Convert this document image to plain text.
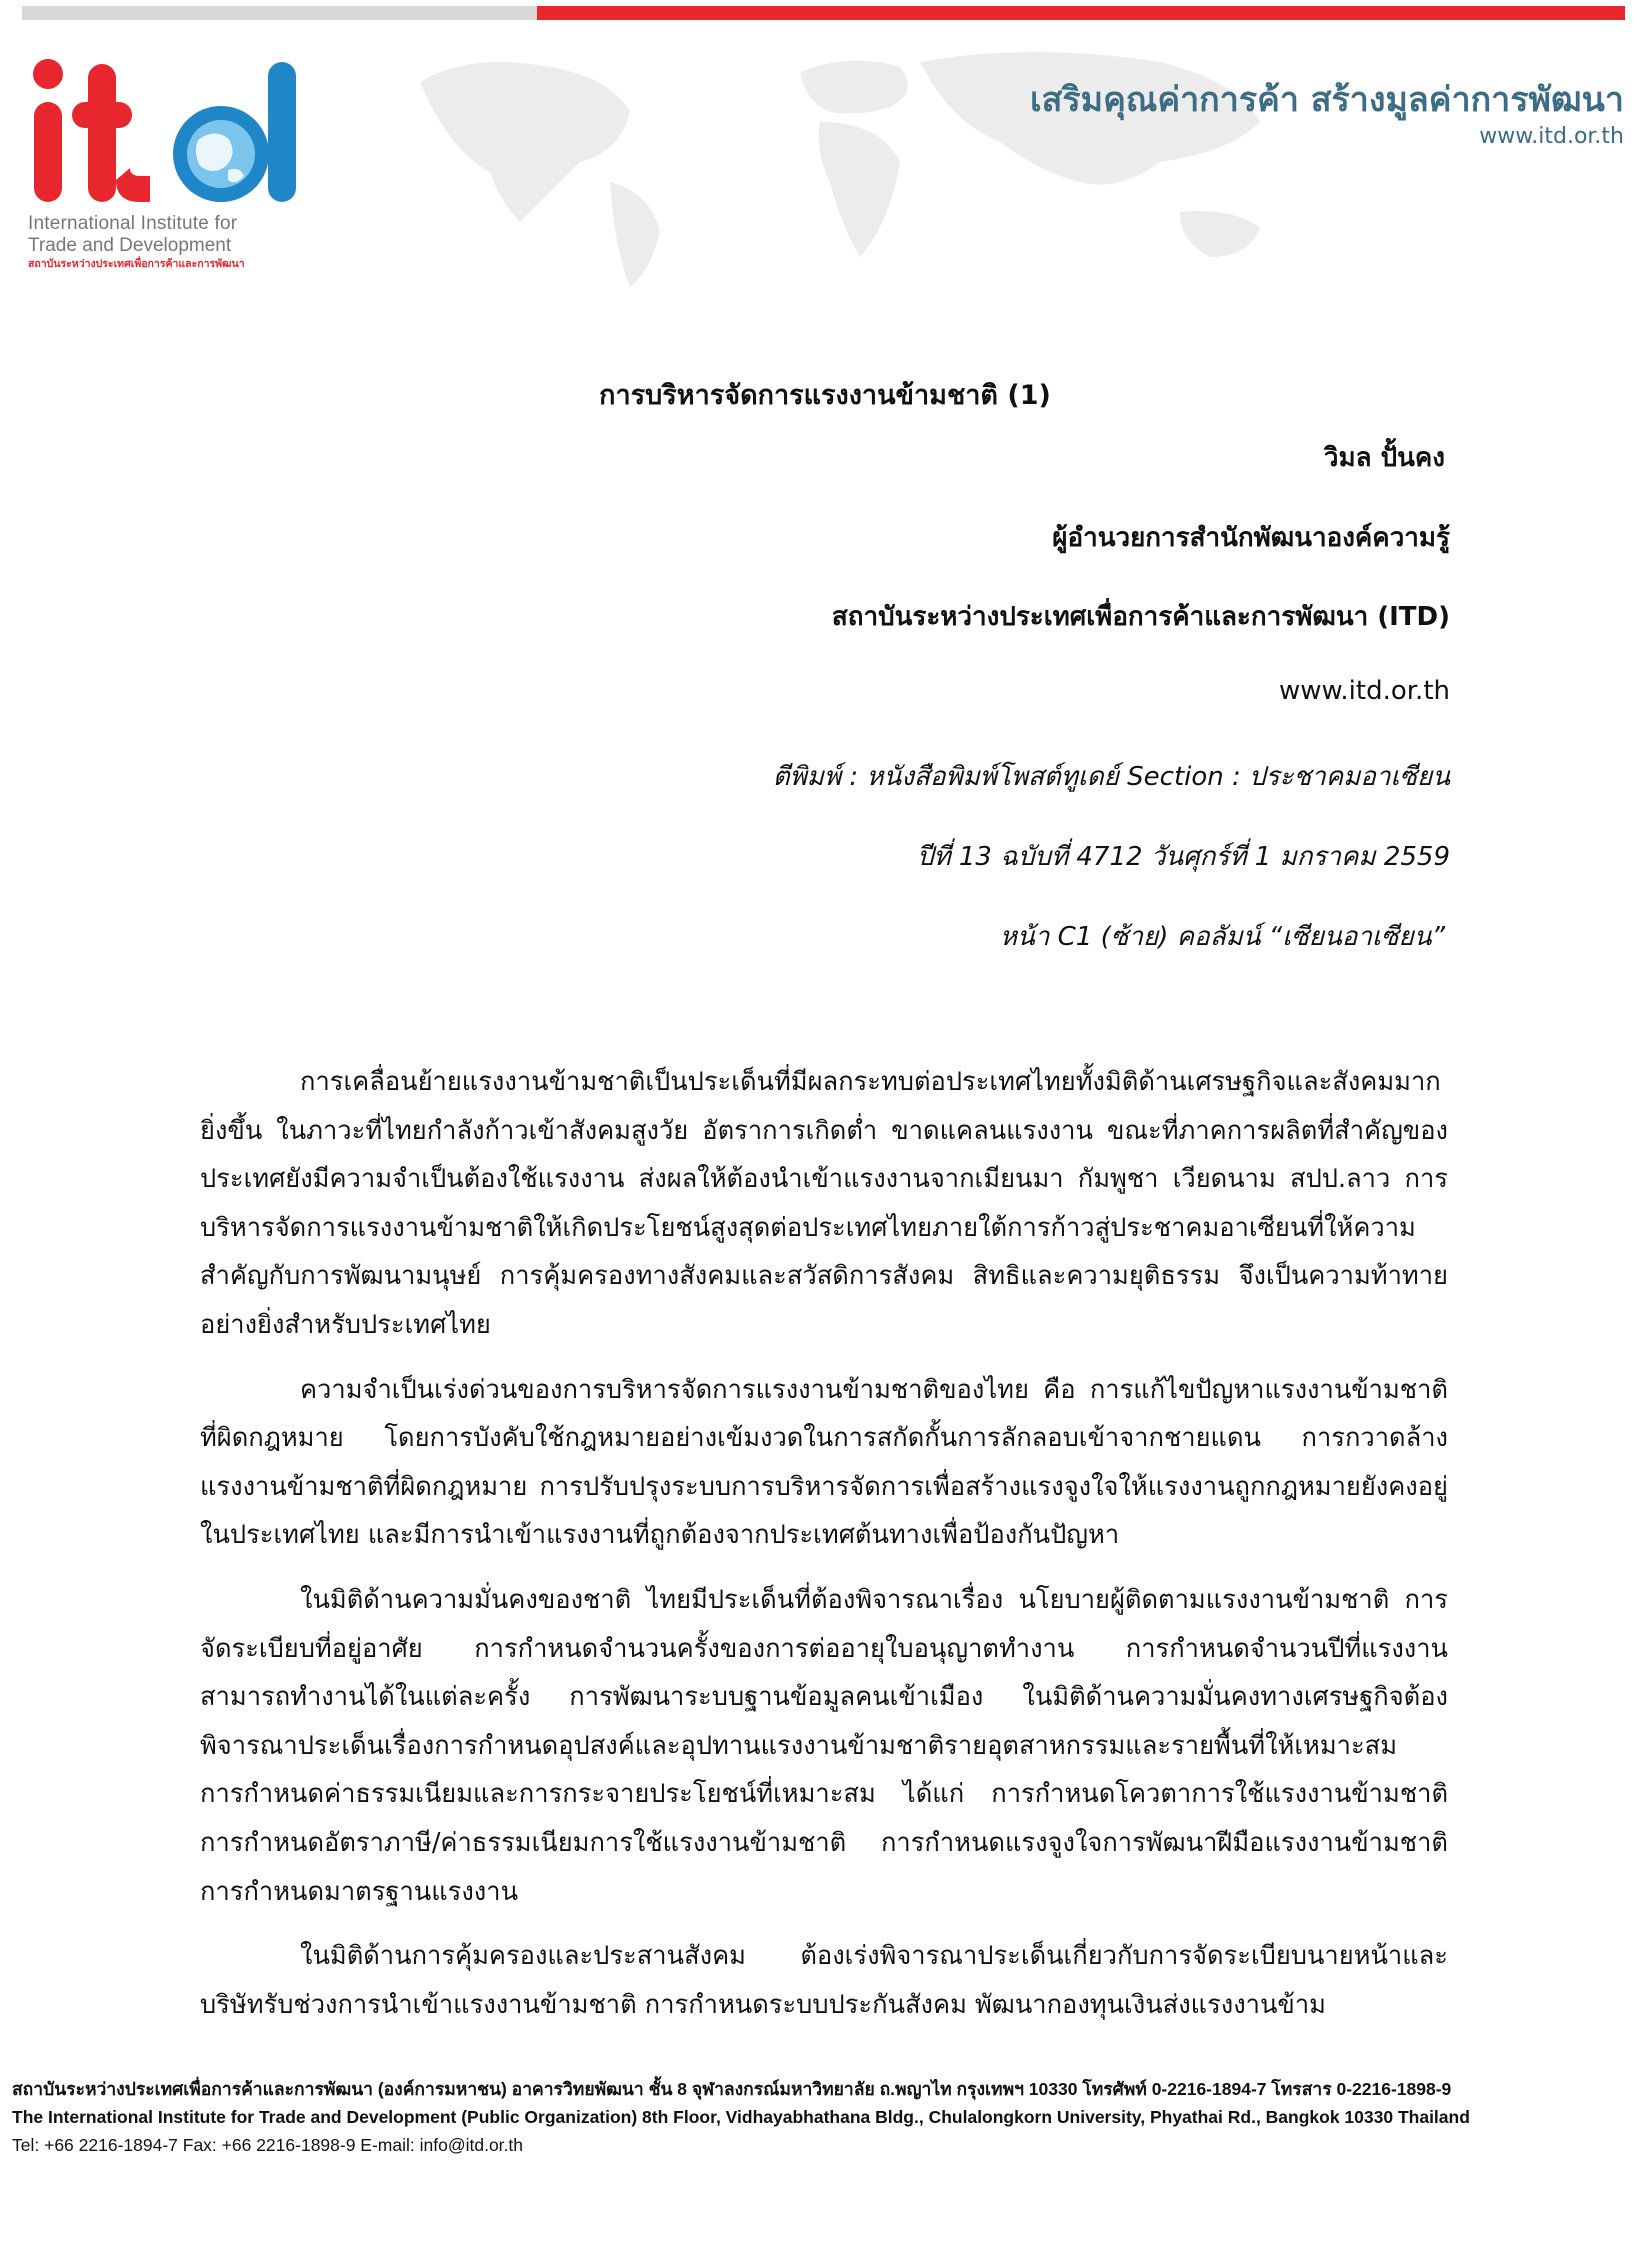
International Institute for
Trade and Development
สถาบันระหว่างประเทศเพื่อการค้าและการพัฒนา
เสริมคุณค่าการค้า สร้างมูลค่าการพัฒนา
www.itd.or.th
การบริหารจัดการแรงงานข้ามชาติ (1)
วิมล ปั้นคง
ผู้อำนวยการสำนักพัฒนาองค์ความรู้
สถาบันระหว่างประเทศเพื่อการค้าและการพัฒนา (ITD)
www.itd.or.th
ตีพิมพ์ : หนังสือพิมพ์โพสต์ทูเดย์ Section : ประชาคมอาเซียน
ปีที่ 13 ฉบับที่ 4712 วันศุกร์ที่ 1 มกราคม 2559
หน้า C1 (ซ้าย) คอลัมน์ “เซียนอาเซียน”

การเคลื่อนย้ายแรงงานข้ามชาติเป็นประเด็นที่มีผลกระทบต่อประเทศไทยทั้งมิติด้านเศรษฐกิจและสังคมมากยิ่งขึ้น ในภาวะที่ไทยกำลังก้าวเข้าสังคมสูงวัย อัตราการเกิดต่ำ ขาดแคลนแรงงาน ขณะที่ภาคการผลิตที่สำคัญของประเทศยังมีความจำเป็นต้องใช้แรงงาน ส่งผลให้ต้องนำเข้าแรงงานจากเมียนมา กัมพูชา เวียดนาม สปป.ลาว การบริหารจัดการแรงงานข้ามชาติให้เกิดประโยชน์สูงสุดต่อประเทศไทยภายใต้การก้าวสู่ประชาคมอาเซียนที่ให้ความสำคัญกับการพัฒนามนุษย์ การคุ้มครองทางสังคมและสวัสดิการสังคม สิทธิและความยุติธรรม จึงเป็นความท้าทายอย่างยิ่งสำหรับประเทศไทย

ความจำเป็นเร่งด่วนของการบริหารจัดการแรงงานข้ามชาติของไทย คือ การแก้ไขปัญหาแรงงานข้ามชาติที่ผิดกฎหมาย โดยการบังคับใช้กฎหมายอย่างเข้มงวดในการสกัดกั้นการลักลอบเข้าจากชายแดน การกวาดล้างแรงงานข้ามชาติที่ผิดกฎหมาย การปรับปรุงระบบการบริหารจัดการเพื่อสร้างแรงจูงใจให้แรงงานถูกกฎหมายยังคงอยู่ในประเทศไทย และมีการนำเข้าแรงงานที่ถูกต้องจากประเทศต้นทางเพื่อป้องกันปัญหา

ในมิติด้านความมั่นคงของชาติ ไทยมีประเด็นที่ต้องพิจารณาเรื่อง นโยบายผู้ติดตามแรงงานข้ามชาติ การจัดระเบียบที่อยู่อาศัย การกำหนดจำนวนครั้งของการต่ออายุใบอนุญาตทำงาน การกำหนดจำนวนปีที่แรงงานสามารถทำงานได้ในแต่ละครั้ง การพัฒนาระบบฐานข้อมูลคนเข้าเมือง ในมิติด้านความมั่นคงทางเศรษฐกิจต้องพิจารณาประเด็นเรื่องการกำหนดอุปสงค์และอุปทานแรงงานข้ามชาติรายอุตสาหกรรมและรายพื้นที่ให้เหมาะสม การกำหนดค่าธรรมเนียมและการกระจายประโยชน์ที่เหมาะสม ได้แก่ การกำหนดโควตาการใช้แรงงานข้ามชาติ การกำหนดอัตราภาษี/ค่าธรรมเนียมการใช้แรงงานข้ามชาติ การกำหนดแรงจูงใจการพัฒนาฝีมือแรงงานข้ามชาติ การกำหนดมาตรฐานแรงงาน

ในมิติด้านการคุ้มครองและประสานสังคม ต้องเร่งพิจารณาประเด็นเกี่ยวกับการจัดระเบียบนายหน้าและบริษัทรับช่วงการนำเข้าแรงงานข้ามชาติ การกำหนดระบบประกันสังคม พัฒนากองทุนเงินส่งแรงงานข้าม

สถาบันระหว่างประเทศเพื่อการค้าและการพัฒนา (องค์การมหาชน) อาคารวิทยพัฒนา ชั้น 8 จุฬาลงกรณ์มหาวิทยาลัย ถ.พญาไท กรุงเทพฯ 10330 โทรศัพท์ 0-2216-1894-7 โทรสาร 0-2216-1898-9
The International Institute for Trade and Development (Public Organization) 8th Floor, Vidhayabhathana Bldg., Chulalongkorn University, Phyathai Rd., Bangkok 10330 Thailand
Tel: +66 2216-1894-7 Fax: +66 2216-1898-9 E-mail: info@itd.or.th
